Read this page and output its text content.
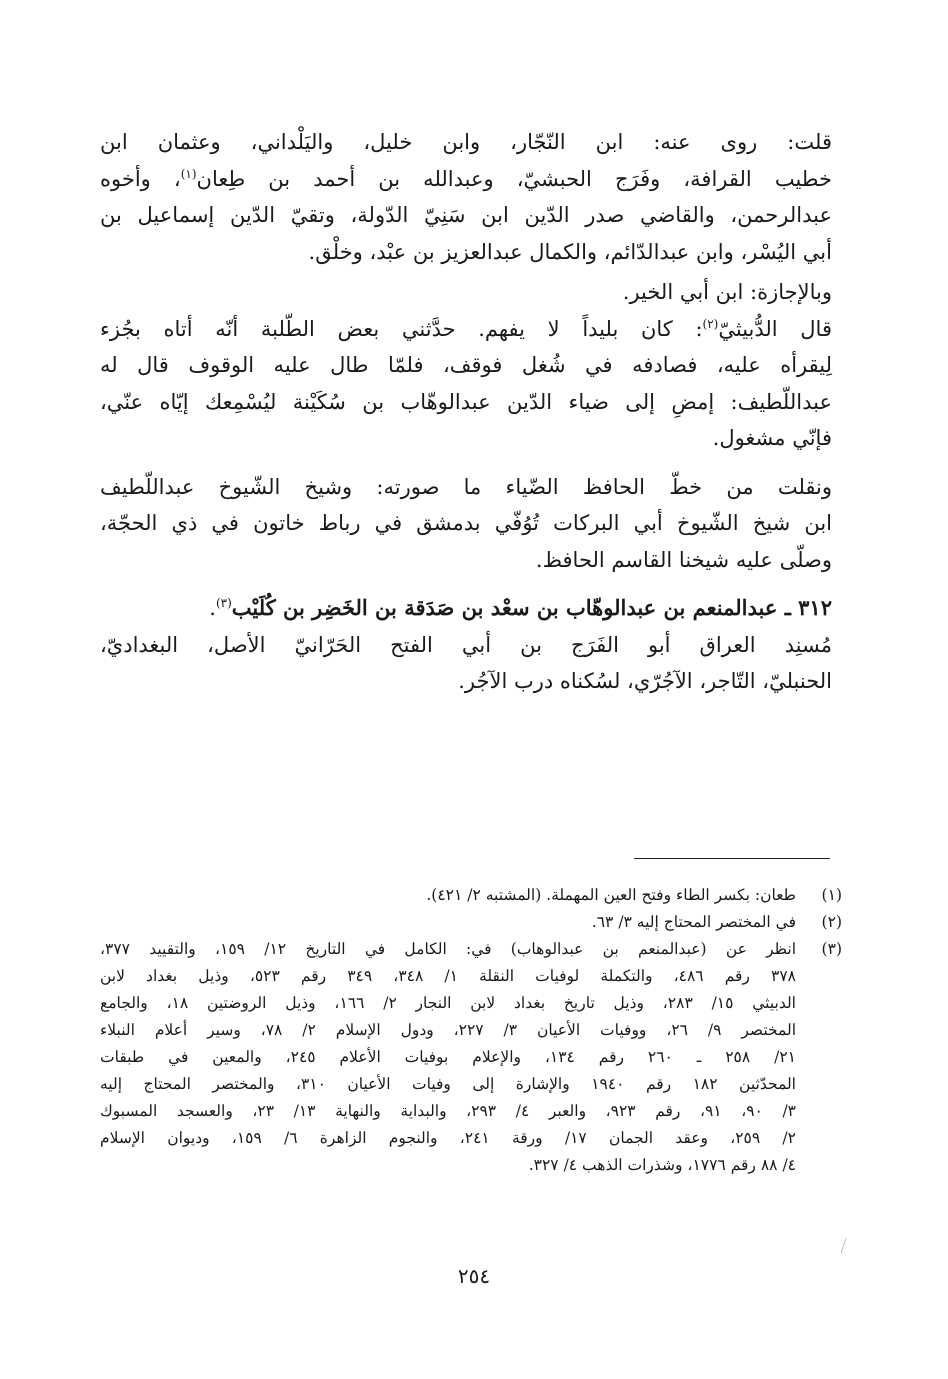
قلت: روى عنه: ابن النّجّار، وابن خليل، واليَلْداني، وعثمان ابن
خطيب القرافة، وفَرَج الحبشيّ، وعبدالله بن أحمد بن طِعان$^{(١)}$، وأخوه
عبدالرحمن، والقاضي صدر الدّين ابن سَنِيّ الدّولة، وتقيّ الدّين إسماعيل بن
أبي اليُسْر، وابن عبدالدّائم، والكمال عبدالعزيز بن عبْد، وخلْق.

وبالإجازة: ابن أبي الخير.

قال الدُّبيثيّ$^{(٢)}$: كان بليداً لا يفهم. حدَّثني بعض الطّلبة أنّه أتاه بجُزء
لِيقرأه عليه، فصادفه في شُغل فوقف، فلمّا طال عليه الوقوف قال له
عبداللّطيف: إمضِ إلى ضياء الدّين عبدالوهّاب بن سُكَيْنة ليُسْمِعك إيّاه عنّي،
فإنّي مشغول.

ونقلت من خطّ الحافظ الضّياء ما صورته: وشيخ الشّيوخ عبداللّطيف
ابن شيخ الشّيوخ أبي البركات تُوُفّي بدمشق في رباط خاتون في ذي الحجّة،
وصلّى عليه شيخنا القاسم الحافظ.

٣١٢ ـ عبدالمنعم بن عبدالوهّاب بن سعْد بن صَدَقة بن الخَضِر بن كُلَيْب$^{(٣)}$.
مُسنِد العراق أبو الفَرَج بن أبي الفتح الحَرّانيّ الأصل، البغداديّ،
الحنبليّ، التّاجر، الآجُرّي، لسُكناه درب الآجُر.

(١)
طعان: بكسر الطاء وفتح العين المهملة. (المشتبه ٢/ ٤٢١).
(٢)
في المختصر المحتاج إليه ٣/ ٦٣.
(٣)
انظر عن (عبدالمنعم بن عبدالوهاب) في: الكامل في التاريخ ١٢/ ١٥٩، والتقييد ٣٧٧،
٣٧٨ رقم ٤٨٦، والتكملة لوفيات النقلة ١/ ٣٤٨، ٣٤٩ رقم ٥٢٣، وذيل بغداد لابن
الدبيثي ١٥/ ٢٨٣، وذيل تاريخ بغداد لابن النجار ٢/ ١٦٦، وذيل الروضتين ١٨، والجامع
المختصر ٩/ ٢٦، ووفيات الأعيان ٣/ ٢٢٧، ودول الإسلام ٢/ ٧٨، وسير أعلام النبلاء
٢١/ ٢٥٨ ـ ٢٦٠ رقم ١٣٤، والإعلام بوفيات الأعلام ٢٤٥، والمعين في طبقات
المحدّثين ١٨٢ رقم ١٩٤٠ والإشارة إلى وفيات الأعيان ٣١٠، والمختصر المحتاج إليه
٣/ ٩٠، ٩١، رقم ٩٢٣، والعبر ٤/ ٢٩٣، والبداية والنهاية ١٣/ ٢٣، والعسجد المسبوك
٢/ ٢٥٩، وعقد الجمان ١٧/ ورقة ٢٤١، والنجوم الزاهرة ٦/ ١٥٩، وديوان الإسلام
٤/ ٨٨ رقم ١٧٧٦، وشذرات الذهب ٤/ ٣٢٧.
٢٥٤
